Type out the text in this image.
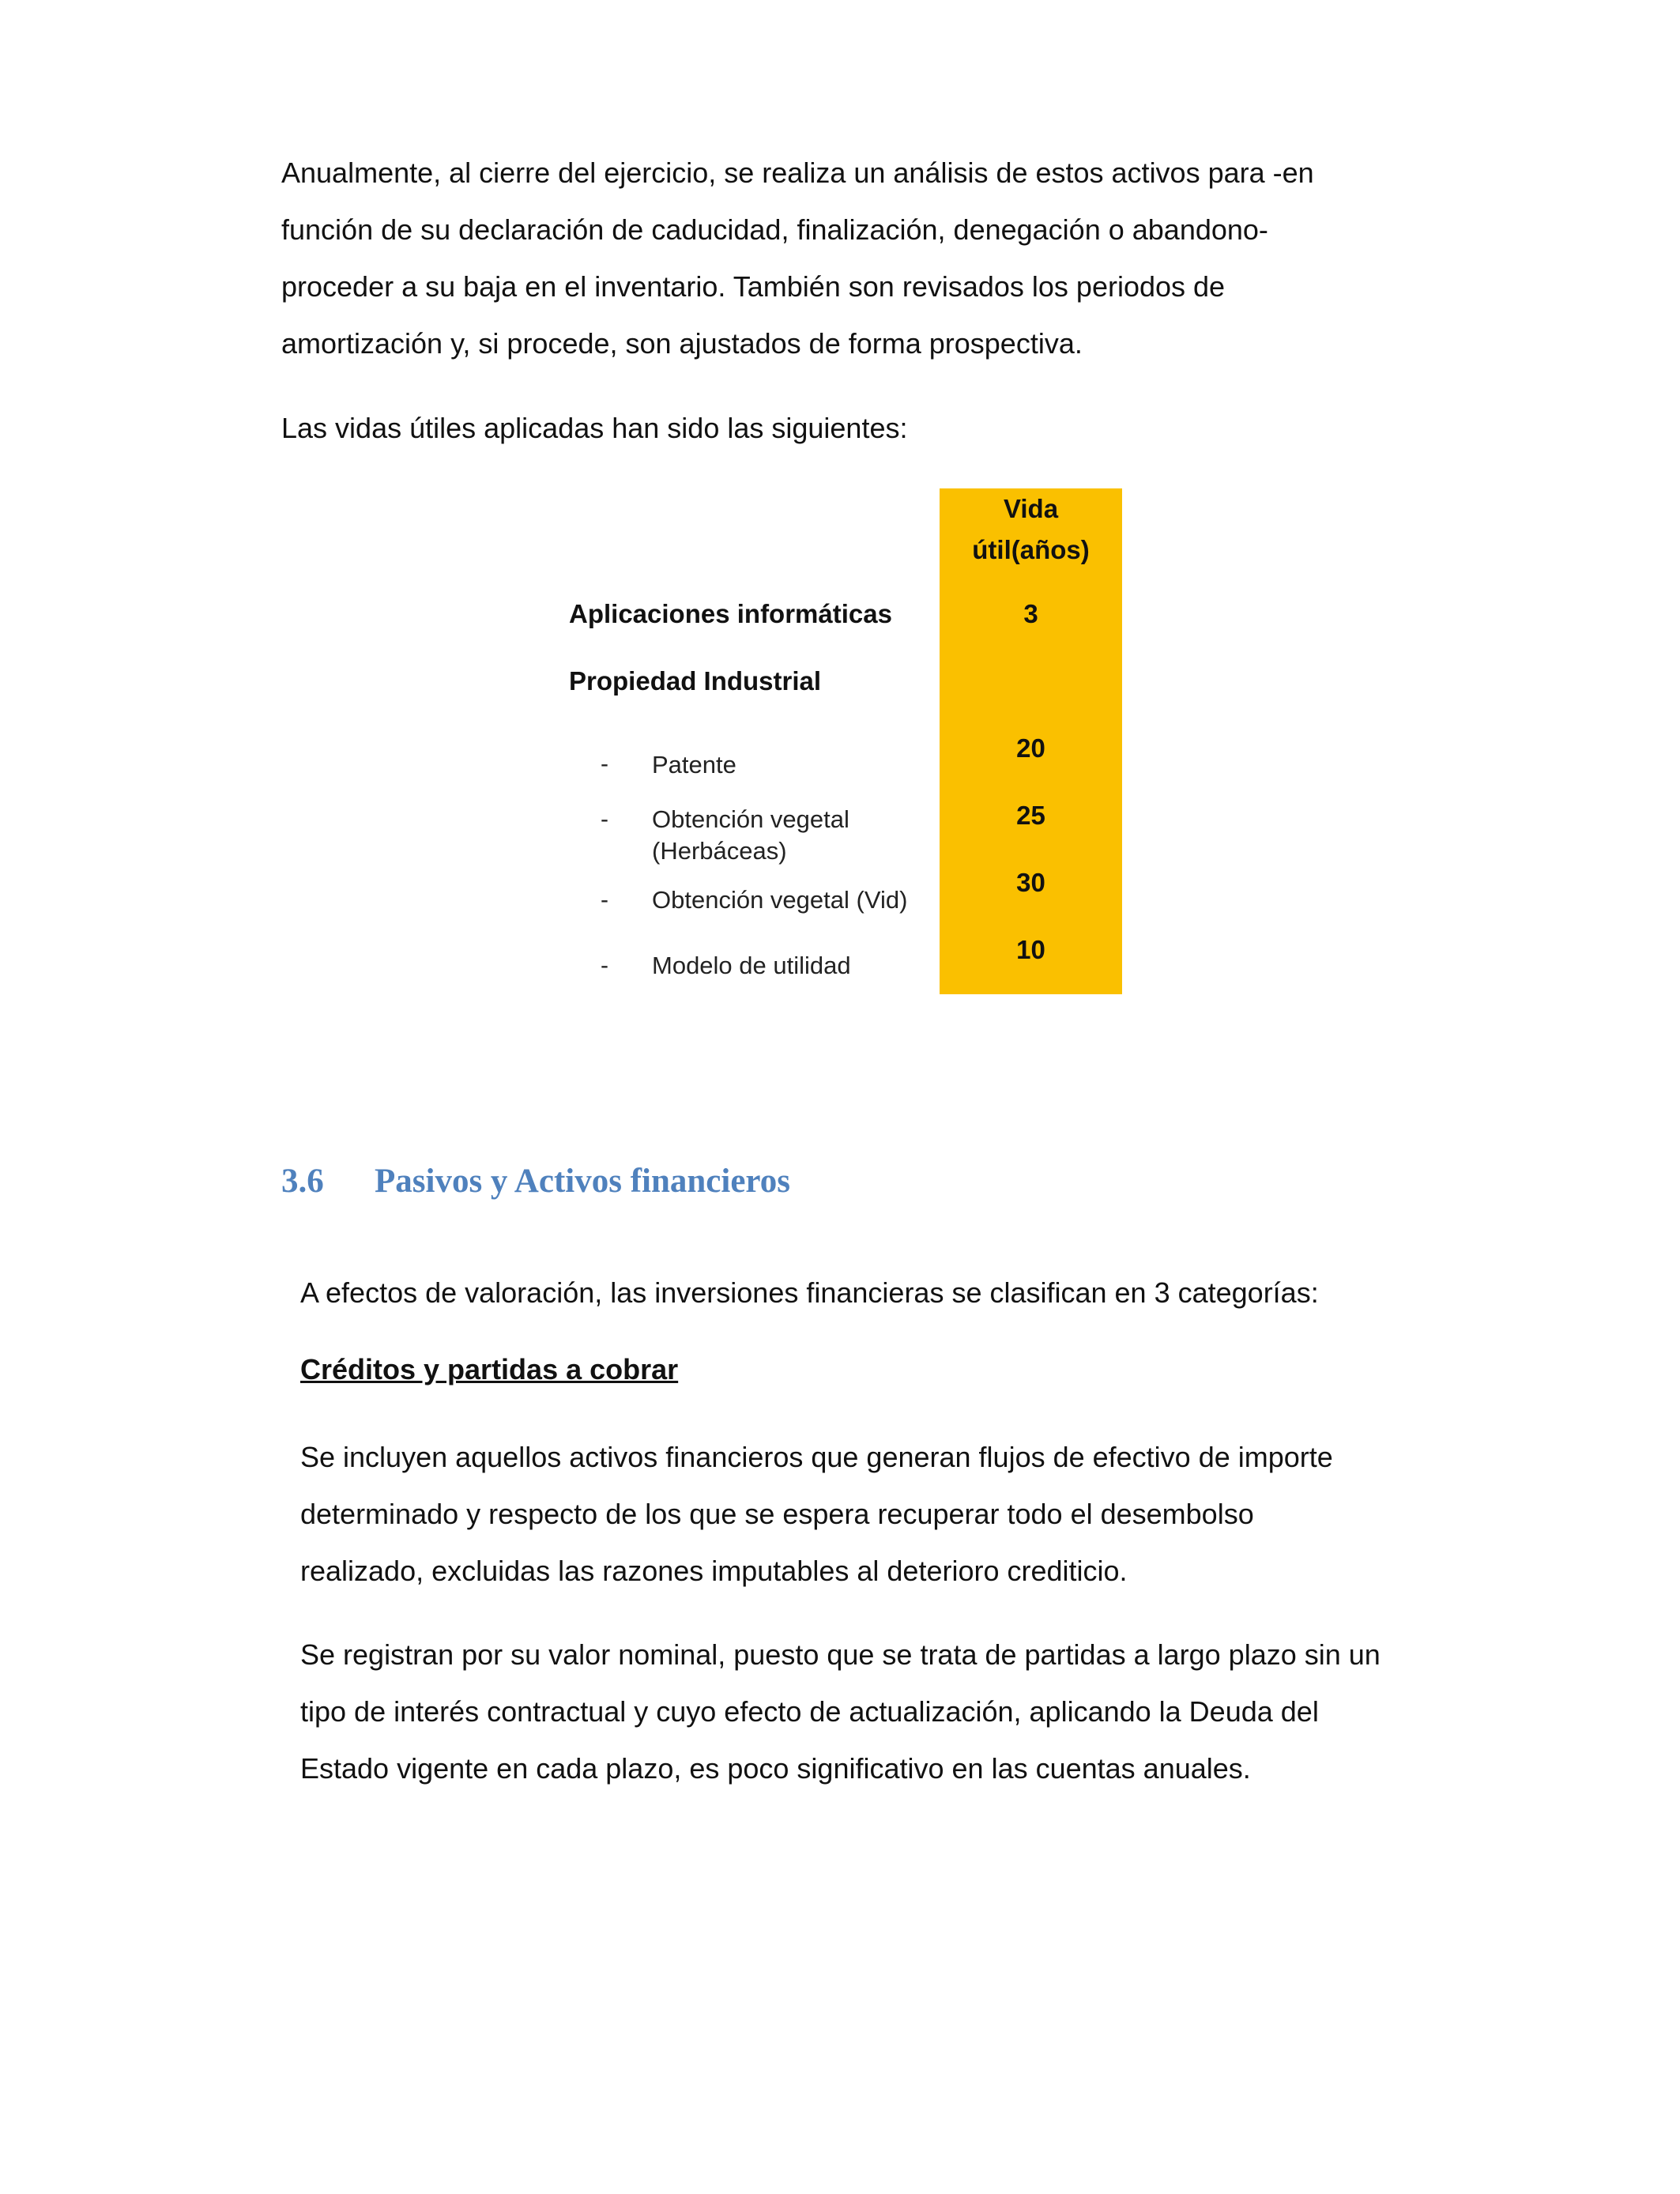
Anualmente, al cierre del ejercicio, se realiza un análisis de estos activos para -en
función de su declaración de caducidad, finalización, denegación o abandono-
proceder a su baja en el inventario. También son revisados los periodos de
amortización y, si procede, son ajustados de forma prospectiva.

Las vidas útiles aplicadas han sido las siguientes:

Vida
útil(años)
Aplicaciones informáticas	3
Propiedad Industrial
- Patente
20
- Obtención vegetal
(Herbáceas)
25
- Obtención vegetal (Vid)
30
- Modelo de utilidad
10
3.6 Pasivos y Activos financieros

A efectos de valoración, las inversiones financieras se clasifican en 3 categorías:

Créditos y partidas a cobrar

Se incluyen aquellos activos financieros que generan flujos de efectivo de importe
determinado y respecto de los que se espera recuperar todo el desembolso
realizado, excluidas las razones imputables al deterioro crediticio.

Se registran por su valor nominal, puesto que se trata de partidas a largo plazo sin un
tipo de interés contractual y cuyo efecto de actualización, aplicando la Deuda del
Estado vigente en cada plazo, es poco significativo en las cuentas anuales.
